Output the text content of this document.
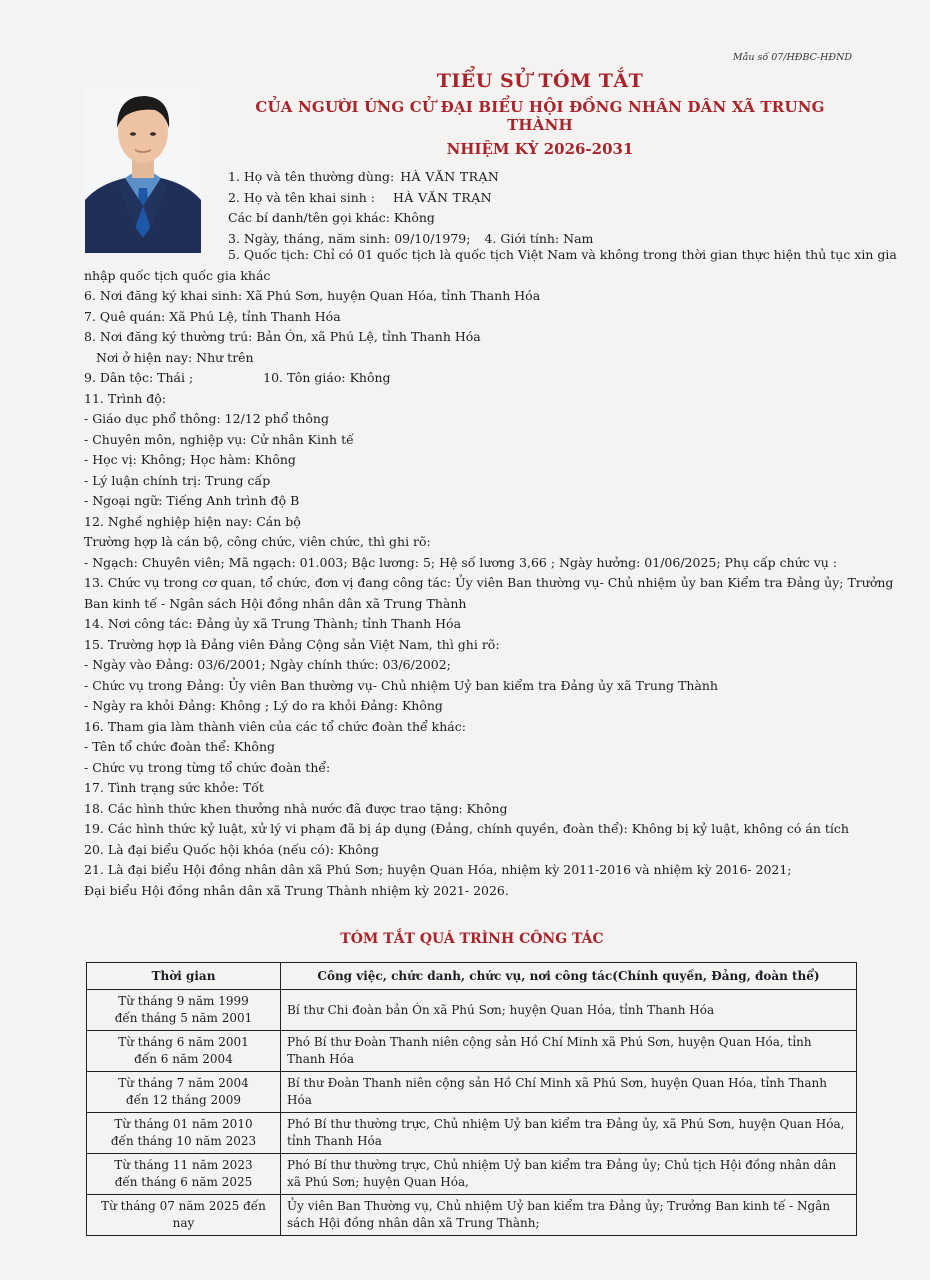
Mẫu số 07/HĐBC-HĐND
TIỂU SỬ TÓM TẮT
CỦA NGƯỜI ỨNG CỬ ĐẠI BIỂU HỘI ĐỒNG NHÂN DÂN XÃ TRUNG THÀNH
NHIỆM KỲ 2026-2031
1. Họ và tên thường dùng: HÀ VĂN TRẠN
2. Họ và tên khai sinh : HÀ VĂN TRẠN
Các bí danh/tên gọi khác: Không
3. Ngày, tháng, năm sinh: 09/10/1979; 4. Giới tính: Nam
5. Quốc tịch: Chỉ có 01 quốc tịch là quốc tịch Việt Nam và không trong thời gian thực hiện thủ tục xin gia
nhập quốc tịch quốc gia khác
6. Nơi đăng ký khai sinh: Xã Phú Sơn, huyện Quan Hóa, tỉnh Thanh Hóa
7. Quê quán: Xã Phú Lệ, tỉnh Thanh Hóa
8. Nơi đăng ký thường trú: Bản Ón, xã Phú Lệ, tỉnh Thanh Hóa
Nơi ở hiện nay: Như trên
9. Dân tộc: Thái ;	10. Tôn giáo: Không
11. Trình độ:
- Giáo dục phổ thông: 12/12 phổ thông
- Chuyên môn, nghiệp vụ: Cử nhân Kinh tế
- Học vị: Không; Học hàm: Không
- Lý luận chính trị: Trung cấp
- Ngoại ngữ: Tiếng Anh trình độ B
12. Nghề nghiệp hiện nay: Cán bộ
Trường hợp là cán bộ, công chức, viên chức, thì ghi rõ:
- Ngạch: Chuyên viên; Mã ngạch: 01.003; Bậc lương: 5; Hệ số lương 3,66 ; Ngày hưởng: 01/06/2025; Phụ cấp chức vụ :
13. Chức vụ trong cơ quan, tổ chức, đơn vị đang công tác: Ủy viên Ban thường vụ- Chủ nhiệm ủy ban Kiểm tra Đảng ủy; Trưởng
Ban kinh tế - Ngân sách Hội đồng nhân dân xã Trung Thành
14. Nơi công tác: Đảng ủy xã Trung Thành; tỉnh Thanh Hóa
15. Trường hợp là Đảng viên Đảng Cộng sản Việt Nam, thì ghi rõ:
- Ngày vào Đảng: 03/6/2001; Ngày chính thức: 03/6/2002;
- Chức vụ trong Đảng: Ủy viên Ban thường vụ- Chủ nhiệm Uỷ ban kiểm tra Đảng ủy xã Trung Thành
- Ngày ra khỏi Đảng: Không ; Lý do ra khỏi Đảng: Không
16. Tham gia làm thành viên của các tổ chức đoàn thể khác:
- Tên tổ chức đoàn thể: Không
- Chức vụ trong từng tổ chức đoàn thể:
17. Tình trạng sức khỏe: Tốt
18. Các hình thức khen thưởng nhà nước đã được trao tặng: Không
19. Các hình thức kỷ luật, xử lý vi phạm đã bị áp dụng (Đảng, chính quyền, đoàn thể): Không bị kỷ luật, không có án tích
20. Là đại biểu Quốc hội khóa (nếu có): Không
21. Là đại biểu Hội đồng nhân dân xã Phú Sơn; huyện Quan Hóa, nhiệm kỳ 2011-2016 và nhiệm kỳ 2016- 2021;
Đại biểu Hội đồng nhân dân xã Trung Thành nhiệm kỳ 2021- 2026.
TÓM TẮT QUÁ TRÌNH CÔNG TÁC
Thời gian	Công việc, chức danh, chức vụ, nơi công tác(Chính quyền, Đảng, đoàn thể)

Từ tháng 9 năm 1999
đến tháng 5 năm 2001	Bí thư Chi đoàn bản Ón xã Phú Sơn; huyện Quan Hóa, tỉnh Thanh Hóa

Từ tháng 6 năm 2001
đến 6 năm 2004	Phó Bí thư Đoàn Thanh niên cộng sản Hồ Chí Minh xã Phú Sơn, huyện Quan Hóa, tỉnh Thanh Hóa

Từ tháng 7 năm 2004
đến 12 tháng 2009	Bí thư Đoàn Thanh niên cộng sản Hồ Chí Minh xã Phú Sơn, huyện Quan Hóa, tỉnh Thanh Hóa

Từ tháng 01 năm 2010
đến tháng 10 năm 2023	Phó Bí thư thường trực, Chủ nhiệm Uỷ ban kiểm tra Đảng ủy, xã Phú Sơn, huyện Quan Hóa, tỉnh Thanh Hóa

Từ tháng 11 năm 2023
đến tháng 6 năm 2025	Phó Bí thư thường trực, Chủ nhiệm Uỷ ban kiểm tra Đảng ủy; Chủ tịch Hội đồng nhân dân xã Phú Sơn; huyện Quan Hóa,

Từ tháng 07 năm 2025 đến nay	Ủy viên Ban Thường vụ, Chủ nhiệm Uỷ ban kiểm tra Đảng ủy; Trưởng Ban kinh tế - Ngân sách Hội đồng nhân dân xã Trung Thành;
